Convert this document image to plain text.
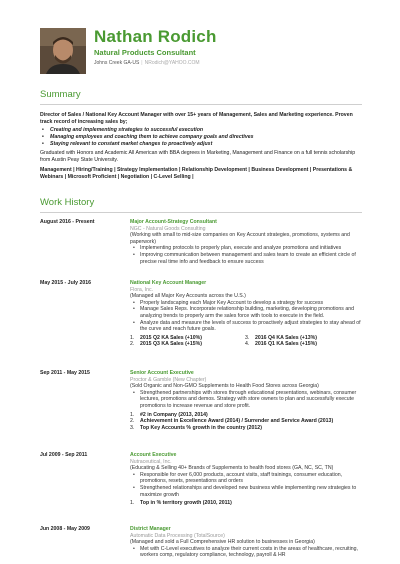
Nathan Rodich
Natural Products Consultant
Johns Creek GA-US | NRodich@YAHOO.COM
Summary

Director of Sales / National Key Account Manager with over 15+ years of Management, Sales and Marketing experience. Proven track record of increasing sales by;

• Creating and implementing strategies to successful execution
• Managing employees and coaching them to achieve company goals and directives
• Staying relevant to constant market changes to proactively adjust

Graduated with Honors and Academic All American with BBA degrees in Marketing, Management and Finance on a full tennis scholarship from Austin Peay State University.

Management | Hiring/Training | Strategy Implementation | Relationship Development | Business Development | Presentations & Webinars | Microsoft Proficient | Negotiation | C-Level Selling |

Work History
August 2016 - Present	Major Account-Strategy Consultant
NGC - Natural Goods Consulting
(Working with small to mid-size companies on Key Account strategies, promotions, systems and paperwork)
• Implementing protocols to properly plan, execute and analyze promotions and initiatives
• Improving communication between management and sales team to create an efficient circle of precise real time info and feedback to ensure success
May 2015 - July 2016	National Key Account Manager
Flora, Inc.
(Managed all Major Key Accounts across the U.S.)
• Properly landscaping each Major Key Account to develop a strategy for success
• Manage Sales Reps. Incorporate relationship building, marketing, developing promotions and analyzing trends to properly arm the sales force with tools to execute in the field.
• Analyze data and measure the levels of success to proactively adjust strategies to stay ahead of the curve and reach future goals.
1. 2015 Q2 KA Sales (+10%)	3. 2016 Q4 KA Sales (+13%)
2. 2015 Q3 KA Sales (+15%)	4. 2016 Q1 KA Sales (+15%)
Sep 2011 - May 2015	Senior Account Executive
Proctor & Gamble (New Chapter)
(Sold Organic and Non-GMO Supplements to Health Food Stores across Georgia)
• Strengthened partnerships with stores through educational presentations, webinars, consumer lectures, promotions and demos. Strategy with store owners to plan and successfully execute promotions to increase revenue and store profit.
1. #2 in Company (2013, 2014)
2. Achievement in Excellence Award (2014) / Surrender and Service Award (2013)
3. Top Key Accounts % growth in the country (2012)
Jul 2009 - Sep 2011	Account Executive
Nutraceutical, Inc.
(Educating & Selling 40+ Brands of Supplements to health food stores (GA, NC, SC, TN)
• Responsible for over 6,000 products, account visits, staff trainings, consumer education, promotions, resets, presentations and orders
• Strengthened relationships and developed new business while implementing new strategies to maximize growth
1. Top in % territory growth (2010, 2011)
Jun 2008 - May 2009	District Manager
Automatic Data Processing (TotalSource)
(Managed and sold a Full Comprehensive HR solution to businesses in Georgia)
• Met with C-Level executives to analyze their current costs in the areas of healthcare, recruiting, workers comp, regulatory compliance, technology, payroll & HR
